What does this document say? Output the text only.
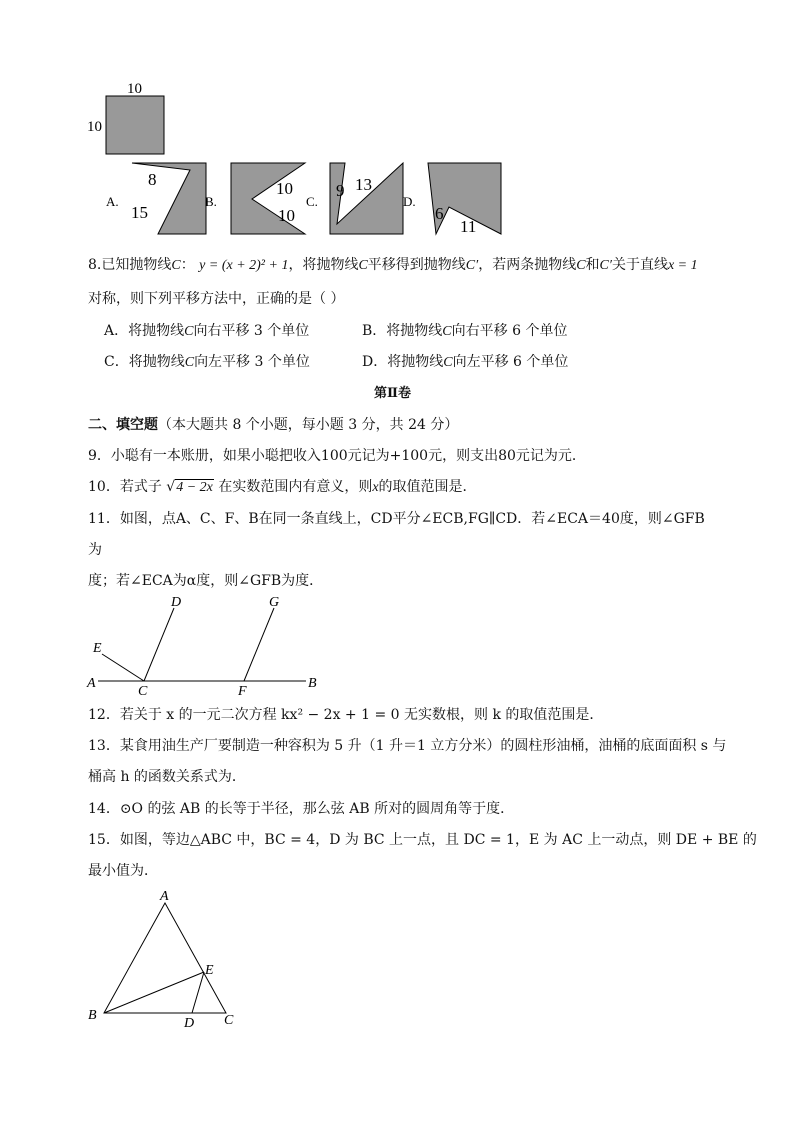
10
10
A.
8
15
B.
10
10
C.
9 13
D.
6
11
8.已知抛物线C： y = (x + 2)² + 1，将抛物线C平移得到抛物线C′，若两条抛物线C和C′关于直线x = 1
对称，则下列平移方法中，正确的是（ ）
A．将抛物线C向右平移 3 个单位	B．将抛物线C向右平移 6 个单位
C．将抛物线C向左平移 3 个单位	D．将抛物线C向左平移 6 个单位
第Ⅱ卷
二、填空题（本大题共 8 个小题，每小题 3 分，共 24 分）
9．小聪有一本账册，如果小聪把收入100元记为+100元，则支出80元记为元．
10．若式子 √4 − 2x 在实数范围内有意义，则x的取值范围是．
11．如图，点A、C、F、B在同一条直线上，CD平分∠ECB,FG∥CD．若∠ECA＝40度，则∠GFB
为
度；若∠ECA为α度，则∠GFB为度．
D	G
E
A
C	F
B
12．若关于 x 的一元二次方程 kx² − 2x + 1 = 0 无实数根，则 k 的取值范围是．
13．某食用油生产厂要制造一种容积为 5 升（1 升＝1 立方分米）的圆柱形油桶，油桶的底面面积 s 与
桶高 h 的函数关系式为．
14．⊙O 的弦 AB 的长等于半径，那么弦 AB 所对的圆周角等于度．
15．如图，等边△ABC 中，BC = 4，D 为 BC 上一点，且 DC = 1，E 为 AC 上一动点，则 DE + BE 的
最小值为．
A
B	C
D
E
